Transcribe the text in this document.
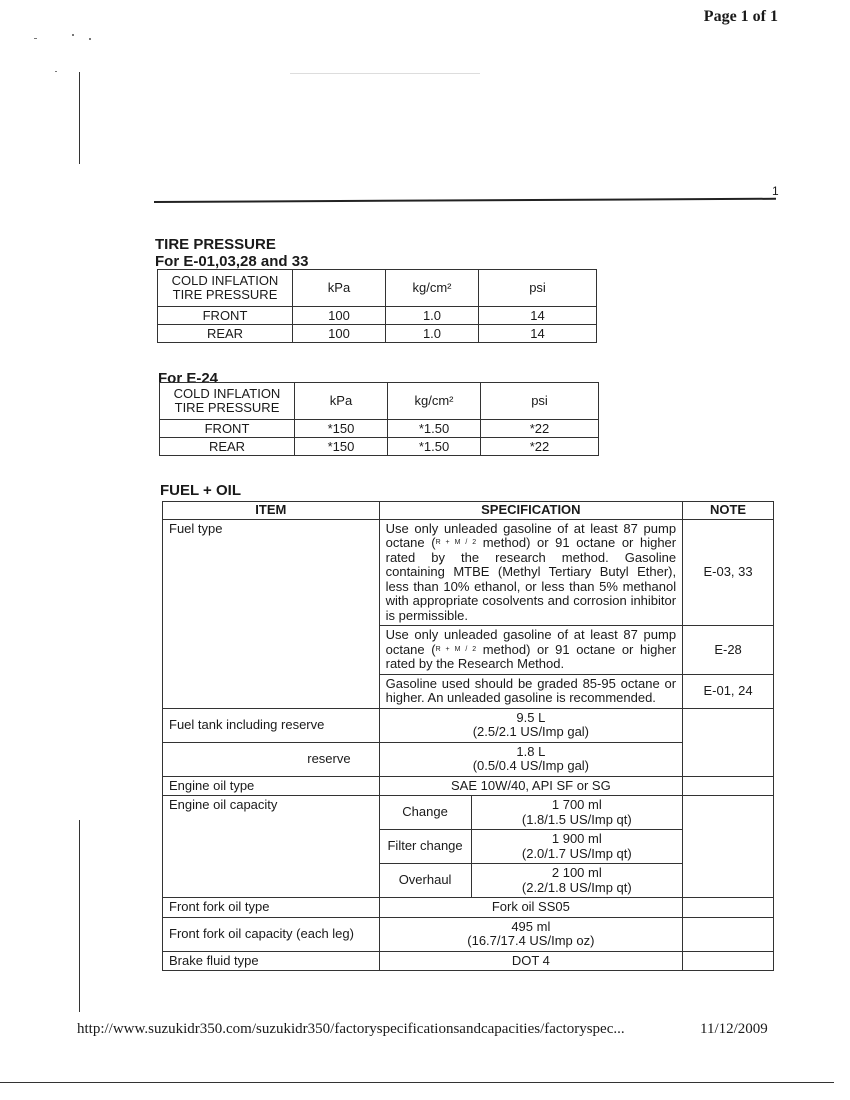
Page 1 of 1
1
TIRE PRESSURE
For E-01,03,28 and 33
COLD INFLATION TIRE PRESSURE	kPa	kg/cm²	psi
FRONT	100	1.0	14
REAR	100	1.0	14
For E-24
COLD INFLATION TIRE PRESSURE	kPa	kg/cm²	psi
FRONT	*150	*1.50	*22
REAR	*150	*1.50	*22
FUEL + OIL
ITEM	SPECIFICATION		NOTE
Fuel type	Use only unleaded gasoline of at least 87 pump octane ($^{R + M / 2}$ method) or 91 octane or higher rated by the research method. Gasoline containing MTBE (Methyl Tertiary Butyl Ether), less than 10% ethanol, or less than 5% methanol with appropriate cosolvents and corrosion inhibitor is permissible.		E-03, 33
	Use only unleaded gasoline of at least 87 pump octane ($^{R + M / 2}$ method) or 91 octane or higher rated by the Research Method.		E-28
	Gasoline used should be graded 85-95 octane or higher. An unleaded gasoline is recommended.		E-01, 24
Fuel tank including reserve	9.5 L
(2.5/2.1 US/Imp gal)		

reserve	1.8 L
(0.5/0.4 US/Imp gal)		

Engine oil type	SAE 10W/40, API SF or SG		
Engine oil capacity	Change	1 700 ml
(1.8/1.5 US/Imp qt)	

	Filter change	1 900 ml
(2.0/1.7 US/Imp qt)	

	Overhaul	2 100 ml
(2.2/1.8 US/Imp qt)	

Front fork oil type	Fork oil SS05		
Front fork oil capacity (each leg)	495 ml
(16.7/17.4 US/Imp oz)		

Brake fluid type	DOT 4		
http://www.suzukidr350.com/suzukidr350/factoryspecificationsandcapacities/factoryspec...	11/12/2009
